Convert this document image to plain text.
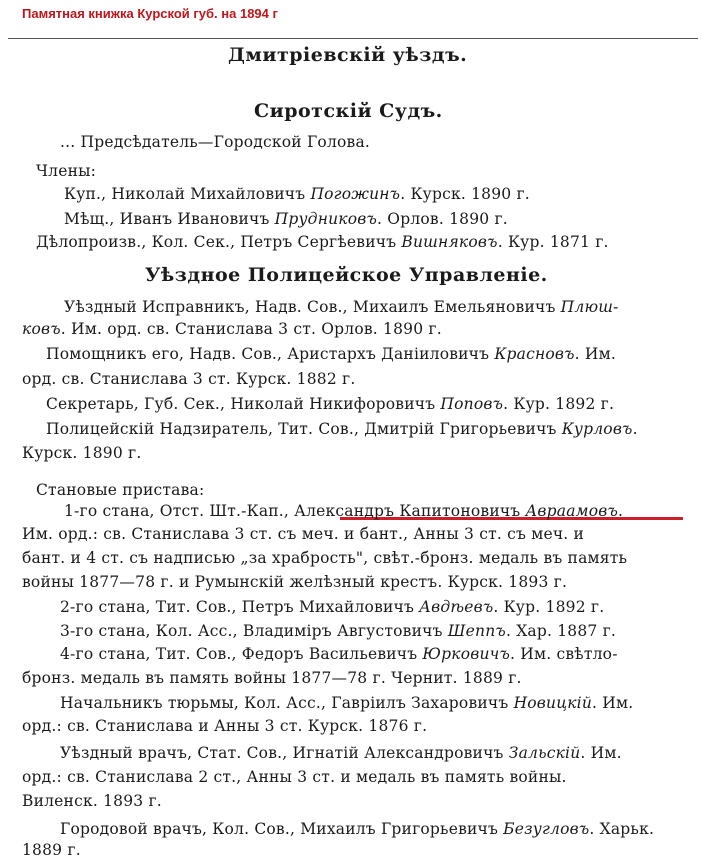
Памятная книжка Курской губ. на 1894 г
Дмитріевскій уѣздъ.
Сиротскій Судъ.
Уѣздное Полицейское Управленіе.
... Предсѣдатель—Городской Голова.
Члены:
Куп., Николай Михайловичъ Погожинъ. Курск. 1890 г.
Мѣщ., Иванъ Ивановичъ Прудниковъ. Орлов. 1890 г.
Дѣлопроизв., Кол. Сек., Петръ Сергѣевичъ Вишняковъ. Кур. 1871 г.
Уѣздный Исправникъ, Надв. Сов., Михаилъ Емельяновичъ Плюш-
ковъ. Им. орд. св. Станислава 3 ст. Орлов. 1890 г.
Помощникъ его, Надв. Сов., Аристархъ Даніиловичъ Красновъ. Им.
орд. св. Станислава 3 ст. Курск. 1882 г.
Секретарь, Губ. Сек., Николай Никифоровичъ Поповъ. Кур. 1892 г.
Полицейскій Надзиратель, Тит. Сов., Дмитрій Григорьевичъ Курловъ.
Курск. 1890 г.
Становые пристава:
1-го стана, Отст. Шт.-Кап., Александръ Капитоновичъ Авраамовъ.
Им. орд.: св. Станислава 3 ст. съ меч. и бант., Анны 3 ст. съ меч. и
бант. и 4 ст. съ надписью „за храбрость", свѣт.-бронз. медаль въ память
войны 1877—78 г. и Румынскій желѣзный крестъ. Курск. 1893 г.
2-го стана, Тит. Сов., Петръ Михайловичъ Авдѣевъ. Кур. 1892 г.
3-го стана, Кол. Асс., Владиміръ Августовичъ Шеппъ. Хар. 1887 г.
4-го стана, Тит. Сов., Федоръ Васильевичъ Юрковичъ. Им. свѣтло-
бронз. медаль въ память войны 1877—78 г. Чернит. 1889 г.
Начальникъ тюрьмы, Кол. Асс., Гавріилъ Захаровичъ Новицкій. Им.
орд.: св. Станислава и Анны 3 ст. Курск. 1876 г.
Уѣздный врачъ, Стат. Сов., Игнатій Александровичъ Зальскій. Им.
орд.: св. Станислава 2 ст., Анны 3 ст. и медаль въ память войны.
Виленск. 1893 г.
Городовой врачъ, Кол. Сов., Михаилъ Григорьевичъ Безугловъ. Харьк.
1889 г.
